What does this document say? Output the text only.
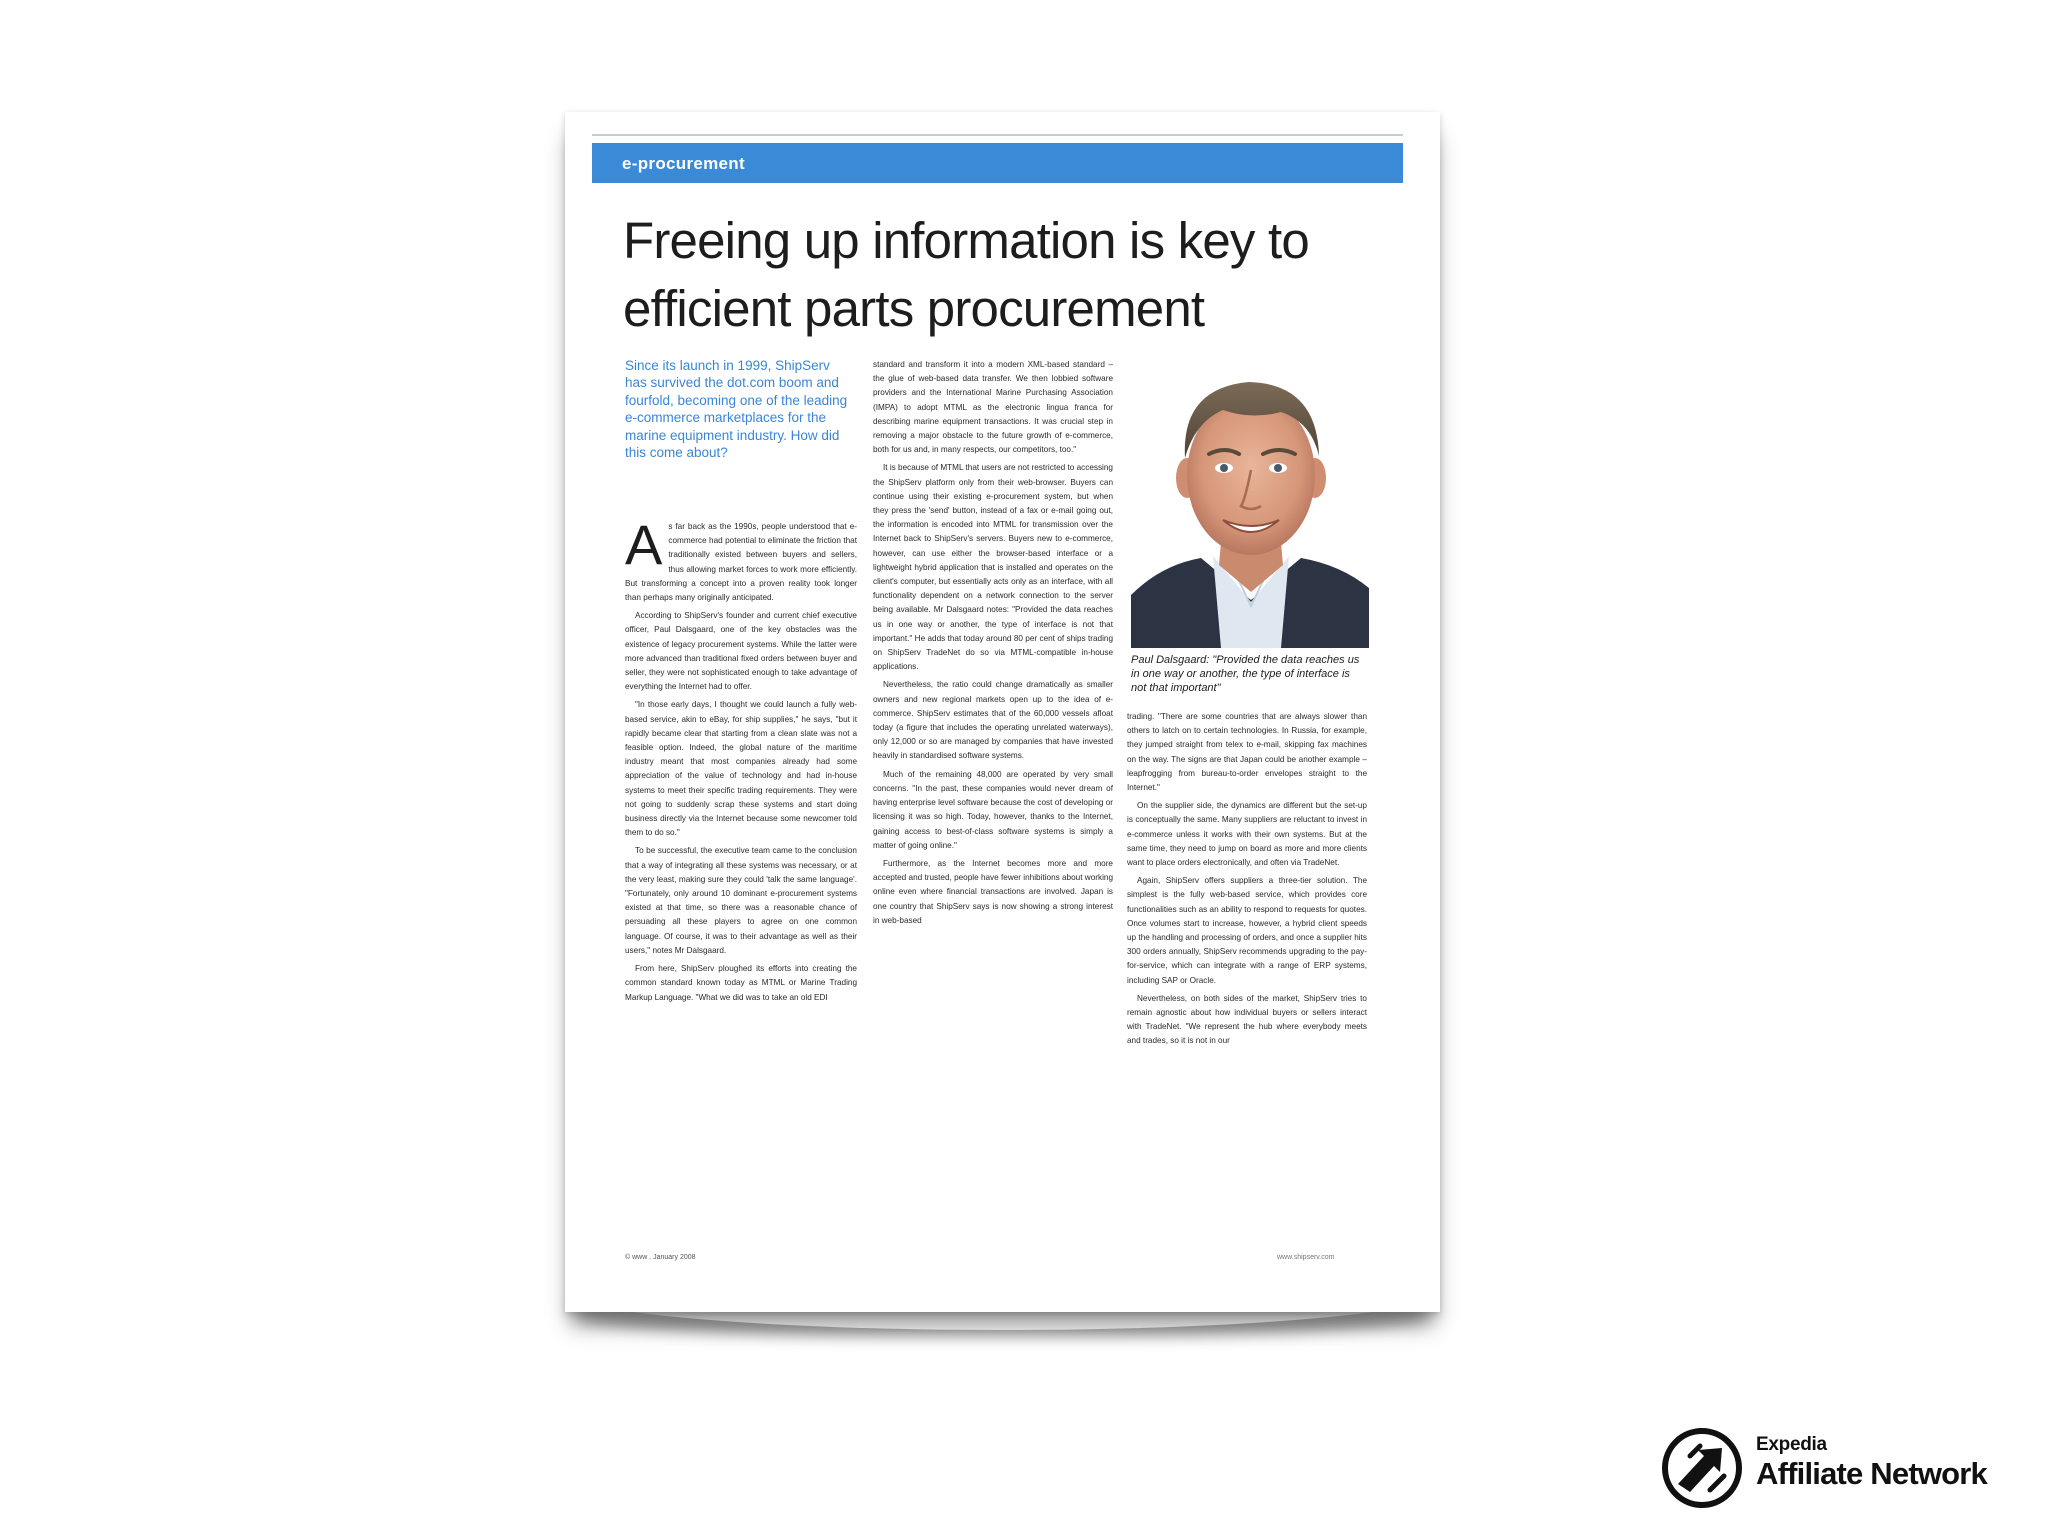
e-procurement
Freeing up information is key to efficient parts procurement

Since its launch in 1999, ShipServ has survived the dot.com boom and fourfold, becoming one of the leading e-commerce marketplaces for the marine equipment industry. How did this come about?

As far back as the 1990s, people understood that e-commerce had potential to eliminate the friction that traditionally existed between buyers and sellers, thus allowing market forces to work more efficiently. But transforming a concept into a proven reality took longer than perhaps many originally anticipated.

According to ShipServ's founder and current chief executive officer, Paul Dalsgaard, one of the key obstacles was the existence of legacy procurement systems. While the latter were more advanced than traditional fixed orders between buyer and seller, they were not sophisticated enough to take advantage of everything the Internet had to offer.

"In those early days, I thought we could launch a fully web-based service, akin to eBay, for ship supplies," he says, "but it rapidly became clear that starting from a clean slate was not a feasible option. Indeed, the global nature of the maritime industry meant that most companies already had some appreciation of the value of technology and had in-house systems to meet their specific trading requirements. They were not going to suddenly scrap these systems and start doing business directly via the Internet because some newcomer told them to do so."

To be successful, the executive team came to the conclusion that a way of integrating all these systems was necessary, or at the very least, making sure they could 'talk the same language'. "Fortunately, only around 10 dominant e-procurement systems existed at that time, so there was a reasonable chance of persuading all these players to agree on one common language. Of course, it was to their advantage as well as their users," notes Mr Dalsgaard.

From here, ShipServ ploughed its efforts into creating the common standard known today as MTML or Marine Trading Markup Language. "What we did was to take an old EDI

standard and transform it into a modern XML-based standard – the glue of web-based data transfer. We then lobbied software providers and the International Marine Purchasing Association (IMPA) to adopt MTML as the electronic lingua franca for describing marine equipment transactions. It was crucial step in removing a major obstacle to the future growth of e-commerce, both for us and, in many respects, our competitors, too."

It is because of MTML that users are not restricted to accessing the ShipServ platform only from their web-browser. Buyers can continue using their existing e-procurement system, but when they press the 'send' button, instead of a fax or e-mail going out, the information is encoded into MTML for transmission over the Internet back to ShipServ's servers. Buyers new to e-commerce, however, can use either the browser-based interface or a lightweight hybrid application that is installed and operates on the client's computer, but essentially acts only as an interface, with all functionality dependent on a network connection to the server being available. Mr Dalsgaard notes: "Provided the data reaches us in one way or another, the type of interface is not that important." He adds that today around 80 per cent of ships trading on ShipServ TradeNet do so via MTML-compatible in-house applications.

Nevertheless, the ratio could change dramatically as smaller owners and new regional markets open up to the idea of e-commerce. ShipServ estimates that of the 60,000 vessels afloat today (a figure that includes the operating unrelated waterways), only 12,000 or so are managed by companies that have invested heavily in standardised software systems.

Much of the remaining 48,000 are operated by very small concerns. "In the past, these companies would never dream of having enterprise level software because the cost of developing or licensing it was so high. Today, however, thanks to the Internet, gaining access to best-of-class software systems is simply a matter of going online."

Furthermore, as the Internet becomes more and more accepted and trusted, people have fewer inhibitions about working online even where financial transactions are involved. Japan is one country that ShipServ says is now showing a strong interest in web-based

Paul Dalsgaard: "Provided the data reaches us in one way or another, the type of interface is not that important"

trading. "There are some countries that are always slower than others to latch on to certain technologies. In Russia, for example, they jumped straight from telex to e-mail, skipping fax machines on the way. The signs are that Japan could be another example – leapfrogging from bureau-to-order envelopes straight to the Internet."

On the supplier side, the dynamics are different but the set-up is conceptually the same. Many suppliers are reluctant to invest in e-commerce unless it works with their own systems. But at the same time, they need to jump on board as more and more clients want to place orders electronically, and often via TradeNet.

Again, ShipServ offers suppliers a three-tier solution. The simplest is the fully web-based service, which provides core functionalities such as an ability to respond to requests for quotes. Once volumes start to increase, however, a hybrid client speeds up the handling and processing of orders, and once a supplier hits 300 orders annually, ShipServ recommends upgrading to the pay-for-service, which can integrate with a range of ERP systems, including SAP or Oracle.

Nevertheless, on both sides of the market, ShipServ tries to remain agnostic about how individual buyers or sellers interact with TradeNet. "We represent the hub where everybody meets and trades, so it is not in our

© www . January 2008	www.shipserv.com
Expedia
Affiliate Network
